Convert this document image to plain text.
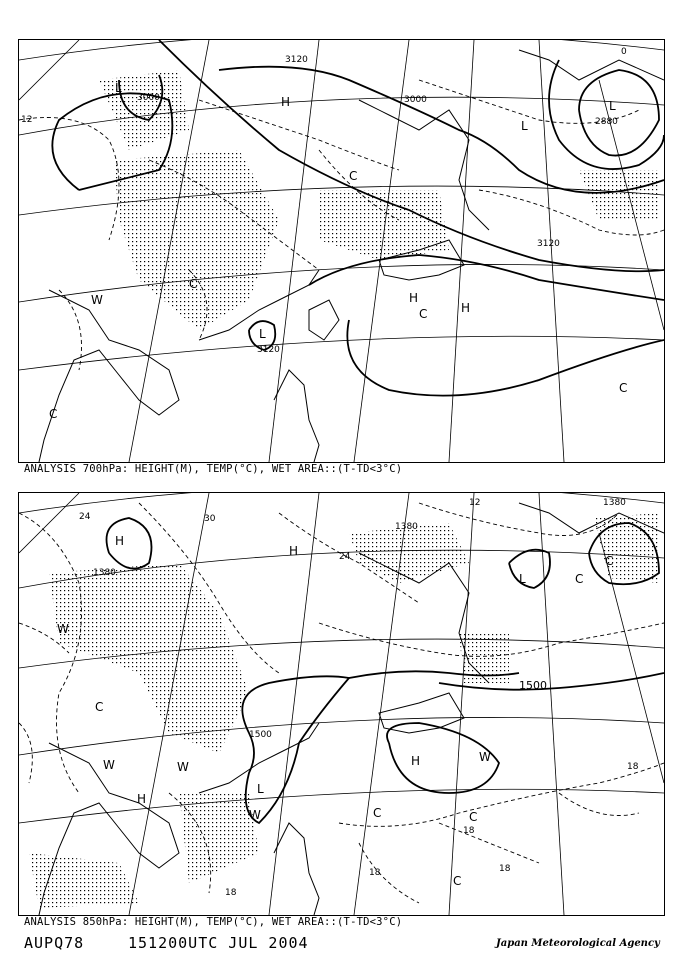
3120
3000	3000
2880
3120
3120
12
0
L
H
L
L
C
W
L
H
H
C
C
C
C
ANALYSIS 700hPa: HEIGHT(M), TEMP(°C), WET AREA::(T-TD<3°C)
24	30
24
12	1380
1380
1380
1500
18
18
18	18
18
1500
H
H
W
C
W	W
H
L
W
L	C
C
H	W
C	C
C
ANALYSIS 850hPa: HEIGHT(M), TEMP(°C), WET AREA::(T-TD<3°C)
AUPQ78	151200UTC JUL 2004	Japan Meteorological Agency
